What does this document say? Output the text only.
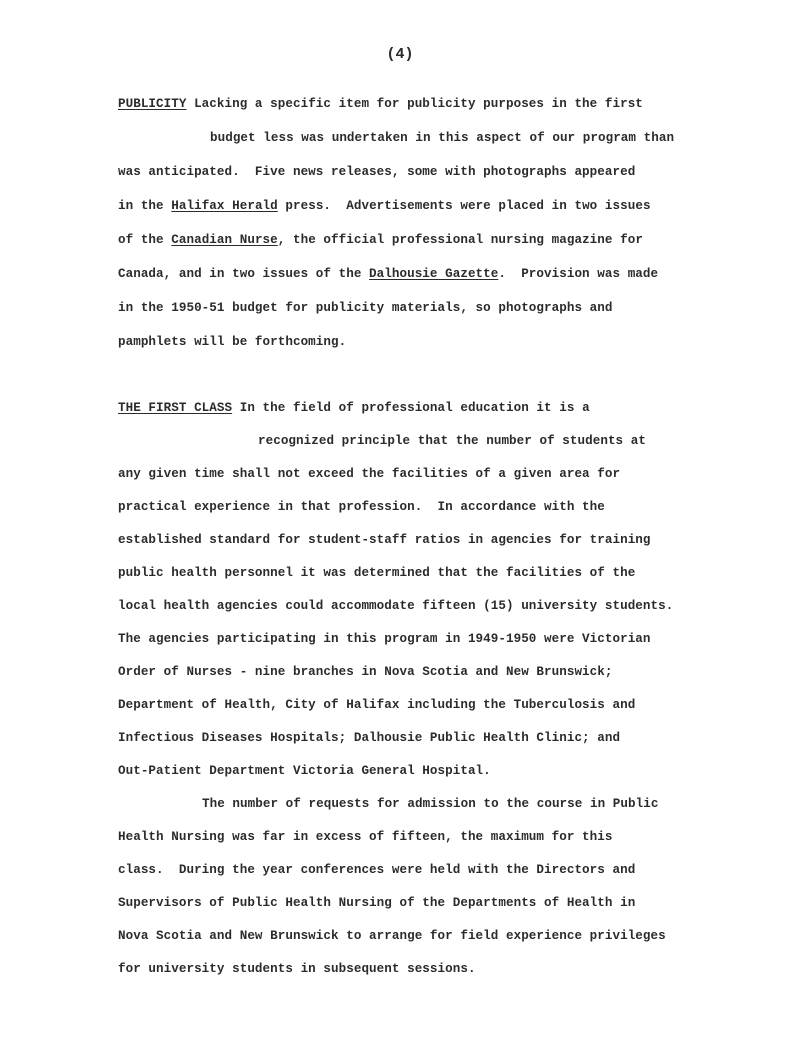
(4)
PUBLICITY Lacking a specific item for publicity purposes in the first
budget less was undertaken in this aspect of our program than
was anticipated.  Five news releases, some with photographs appeared
in the Halifax Herald press.  Advertisements were placed in two issues
of the Canadian Nurse, the official professional nursing magazine for
Canada, and in two issues of the Dalhousie Gazette.  Provision was made
in the 1950-51 budget for publicity materials, so photographs and
pamphlets will be forthcoming.
THE FIRST CLASS In the field of professional education it is a
recognized principle that the number of students at
any given time shall not exceed the facilities of a given area for
practical experience in that profession.  In accordance with the
established standard for student-staff ratios in agencies for training
public health personnel it was determined that the facilities of the
local health agencies could accommodate fifteen (15) university students.
The agencies participating in this program in 1949-1950 were Victorian
Order of Nurses - nine branches in Nova Scotia and New Brunswick;
Department of Health, City of Halifax including the Tuberculosis and
Infectious Diseases Hospitals; Dalhousie Public Health Clinic; and
Out-Patient Department Victoria General Hospital.
The number of requests for admission to the course in Public
Health Nursing was far in excess of fifteen, the maximum for this
class.  During the year conferences were held with the Directors and
Supervisors of Public Health Nursing of the Departments of Health in
Nova Scotia and New Brunswick to arrange for field experience privileges
for university students in subsequent sessions.
